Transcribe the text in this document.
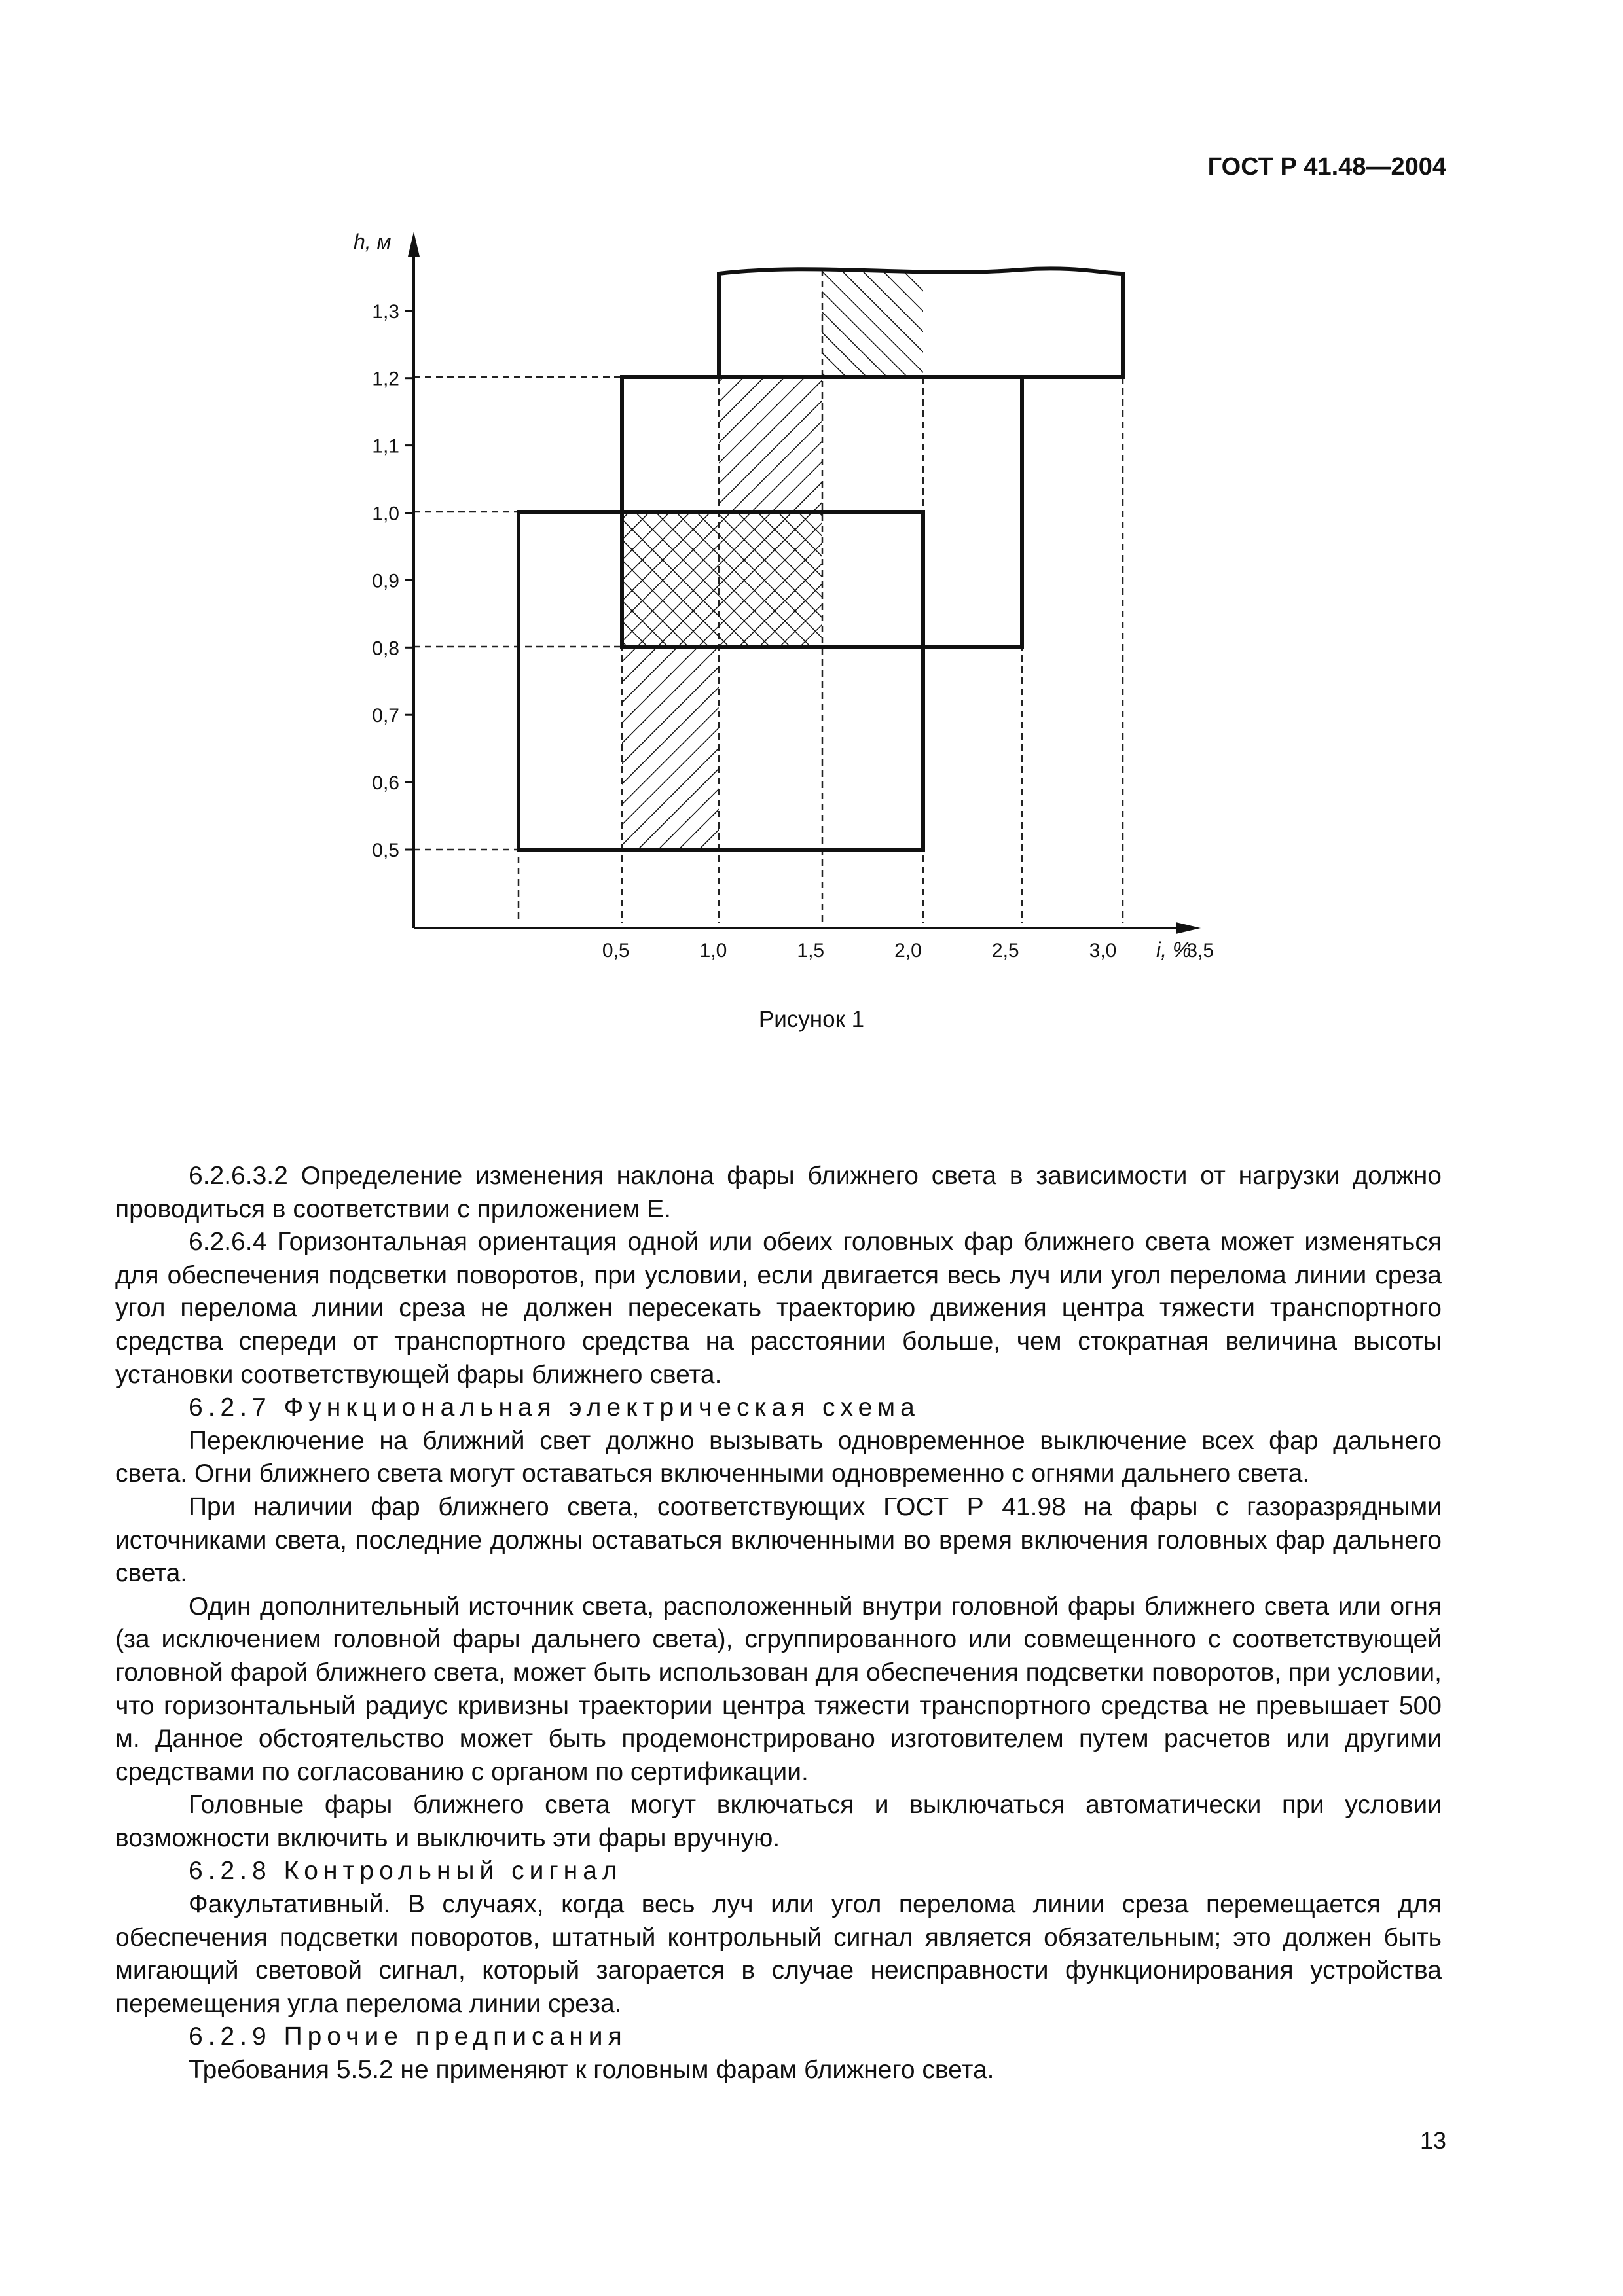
ГОСТ Р 41.48—2004
0,5
0,6
0,7
0,8
0,9
1,0
1,1
1,2
1,3
0,5	1,0	1,5	2,0	2,5	3,0	3,5
h, м
i, %
Рисунок 1

6.2.6.3.2 Определение изменения наклона фары ближнего света в зависимости от нагрузки должно проводиться в соответствии с приложением Е.

6.2.6.4 Горизонтальная ориентация одной или обеих головных фар ближнего света может изменяться для обеспечения подсветки поворотов, при условии, если двигается весь луч или угол перелома линии среза угол перелома линии среза не должен пересекать траекторию движения центра тяжести транспортного средства спереди от транспортного средства на расстоянии больше, чем стократная величина высоты установки соответствующей фары ближнего света.

6.2.7 Функциональная электрическая схема

Переключение на ближний свет должно вызывать одновременное выключение всех фар дальнего света. Огни ближнего света могут оставаться включенными одновременно с огнями дальнего света.

При наличии фар ближнего света, соответствующих ГОСТ Р 41.98 на фары с газоразрядными источниками света, последние должны оставаться включенными во время включения головных фар дальнего света.

Один дополнительный источник света, расположенный внутри головной фары ближнего света или огня (за исключением головной фары дальнего света), сгруппированного или совмещенного с соответствующей головной фарой ближнего света, может быть использован для обеспечения подсветки поворотов, при условии, что горизонтальный радиус кривизны траектории центра тяжести транспортного средства не превышает 500 м. Данное обстоятельство может быть продемонстрировано изготовителем путем расчетов или другими средствами по согласованию с органом по сертификации.

Головные фары ближнего света могут включаться и выключаться автоматически при условии возможности включить и выключить эти фары вручную.

6.2.8 Контрольный сигнал

Факультативный. В случаях, когда весь луч или угол перелома линии среза перемещается для обеспечения подсветки поворотов, штатный контрольный сигнал является обязательным; это должен быть мигающий световой сигнал, который загорается в случае неисправности функционирования устройства перемещения угла перелома линии среза.

6.2.9 Прочие предписания

Требования 5.5.2 не применяют к головным фарам ближнего света.

13
